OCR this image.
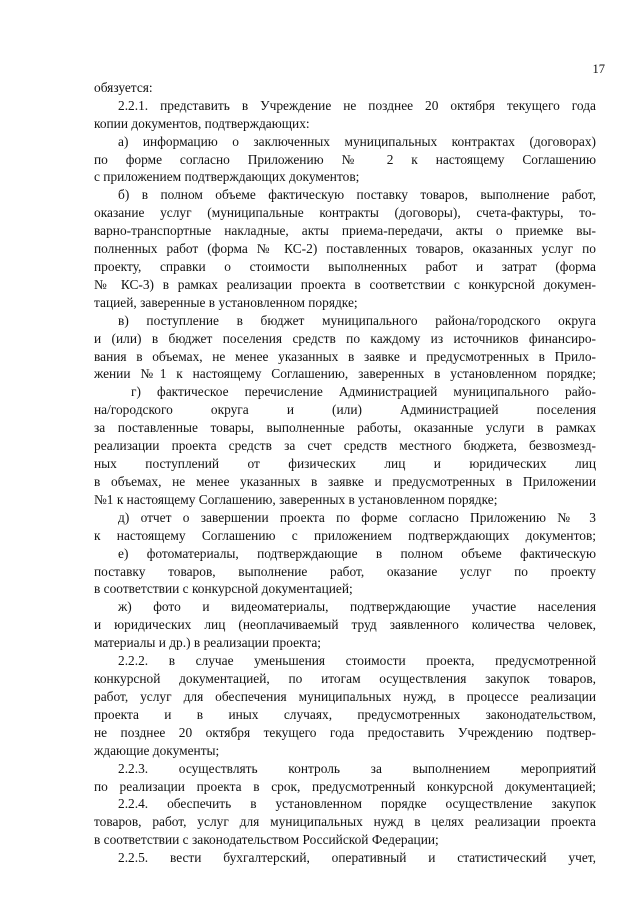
17
обязуется:
2.2.1. представить в Учреждение не позднее 20 октября текущего года
копии документов, подтверждающих:
а) информацию о заключенных муниципальных контрактах (договорах)
по форме согласно Приложению № 2 к настоящему Соглашению
с приложением подтверждающих документов;
б) в полном объеме фактическую поставку товаров, выполнение работ,
оказание услуг (муниципальные контракты (договоры), счета-фактуры, то-
варно-транспортные накладные, акты приема-передачи, акты о приемке вы-
полненных работ (форма № КС-2) поставленных товаров, оказанных услуг по
проекту, справки о стоимости выполненных работ и затрат (форма
№ КС-3) в рамках реализации проекта в соответствии с конкурсной докумен-
тацией, заверенные в установленном порядке;
в) поступление в бюджет муниципального района/городского округа
и (или) в бюджет поселения средств по каждому из источников финансиро-
вания в объемах, не менее указанных в заявке и предусмотренных в Прило-
жении №1 к настоящему Соглашению, заверенных в установленном порядке;
г) фактическое перечисление Администрацией муниципального райо-
на/городского округа и (или) Администрацией поселения
за поставленные товары, выполненные работы, оказанные услуги в рамках
реализации проекта средств за счет средств местного бюджета, безвозмезд-
ных поступлений от физических лиц и юридических лиц
в объемах, не менее указанных в заявке и предусмотренных в Приложении
№1 к настоящему Соглашению, заверенных в установленном порядке;
д) отчет о завершении проекта по форме согласно Приложению № 3
к настоящему Соглашению с приложением подтверждающих документов;
е) фотоматериалы, подтверждающие в полном объеме фактическую
поставку товаров, выполнение работ, оказание услуг по проекту
в соответствии с конкурсной документацией;
ж) фото и видеоматериалы, подтверждающие участие населения
и юридических лиц (неоплачиваемый труд заявленного количества человек,
материалы и др.) в реализации проекта;
2.2.2. в случае уменьшения стоимости проекта, предусмотренной
конкурсной документацией, по итогам осуществления закупок товаров,
работ, услуг для обеспечения муниципальных нужд, в процессе реализации
проекта и в иных случаях, предусмотренных законодательством,
не позднее 20 октября текущего года предоставить Учреждению подтвер-
ждающие документы;
2.2.3. осуществлять контроль за выполнением мероприятий
по реализации проекта в срок, предусмотренный конкурсной документацией;
2.2.4. обеспечить в установленном порядке осуществление закупок
товаров, работ, услуг для муниципальных нужд в целях реализации проекта
в соответствии с законодательством Российской Федерации;
2.2.5. вести бухгалтерский, оперативный и статистический учет,
